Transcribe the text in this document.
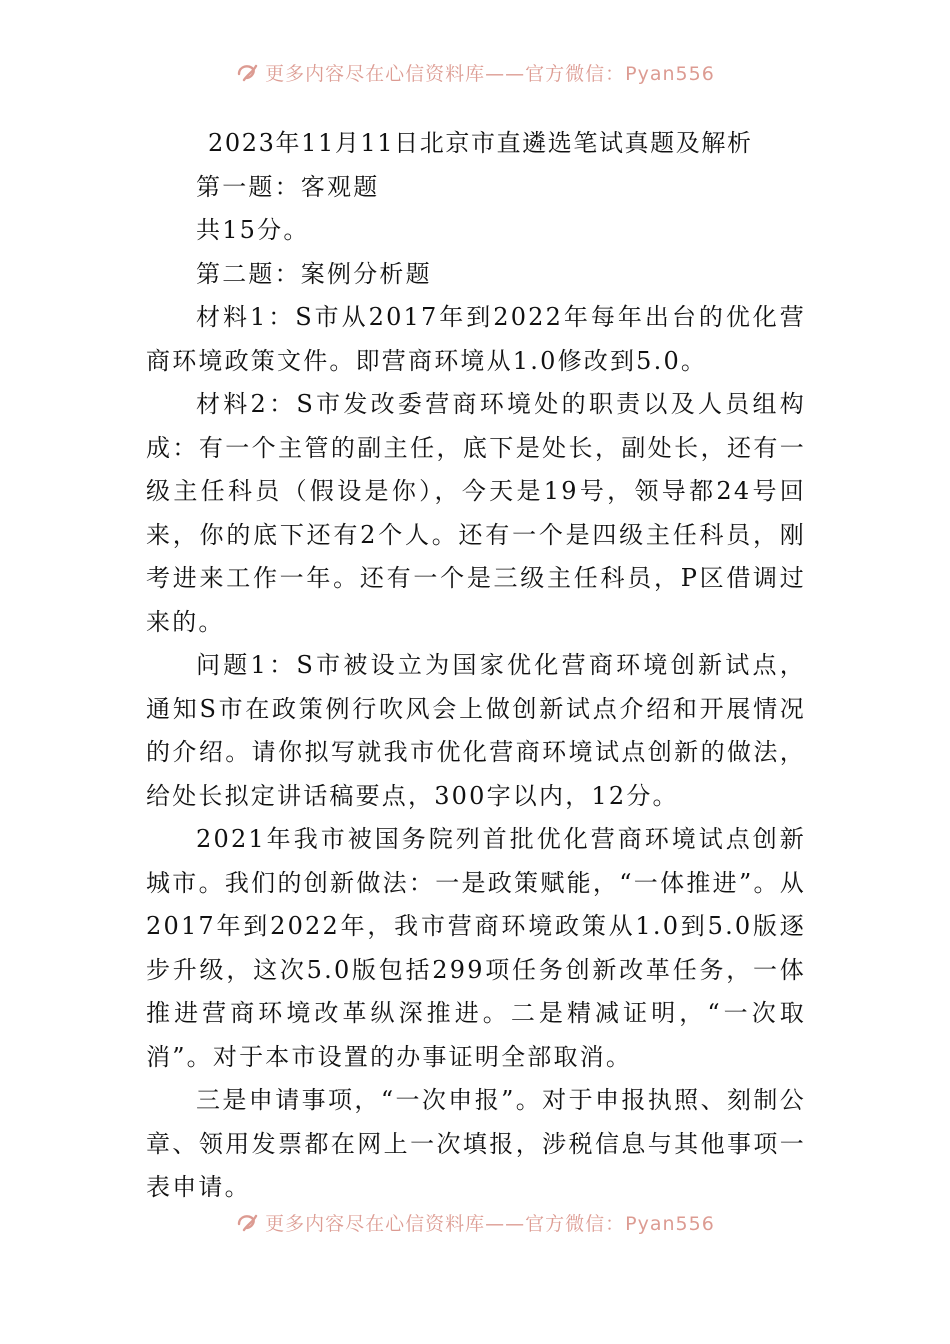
更多内容尽在心信资料库——官方微信：Pyan556

2023年11月11日北京市直遴选笔试真题及解析

第一题：客观题

共15分。

第二题：案例分析题

材料1：S市从2017年到2022年每年出台的优化营商环境政策文件。即营商环境从1.0修改到5.0。

材料2：S市发改委营商环境处的职责以及人员组构成：有一个主管的副主任，底下是处长，副处长，还有一级主任科员（假设是你），今天是19号，领导都24号回来，你的底下还有2个人。还有一个是四级主任科员，刚考进来工作一年。还有一个是三级主任科员，P区借调过来的。

问题1：S市被设立为国家优化营商环境创新试点，通知S市在政策例行吹风会上做创新试点介绍和开展情况的介绍。请你拟写就我市优化营商环境试点创新的做法，给处长拟定讲话稿要点，300字以内，12分。

2021年我市被国务院列首批优化营商环境试点创新城市。我们的创新做法：一是政策赋能，“一体推进”。从2017年到2022年，我市营商环境政策从1.0到5.0版逐步升级，这次5.0版包括299项任务创新改革任务，一体推进营商环境改革纵深推进。二是精减证明，“一次取消”。对于本市设置的办事证明全部取消。

三是申请事项，“一次申报”。对于申报执照、刻制公章、领用发票都在网上一次填报，涉税信息与其他事项一表申请。

更多内容尽在心信资料库——官方微信：Pyan556
